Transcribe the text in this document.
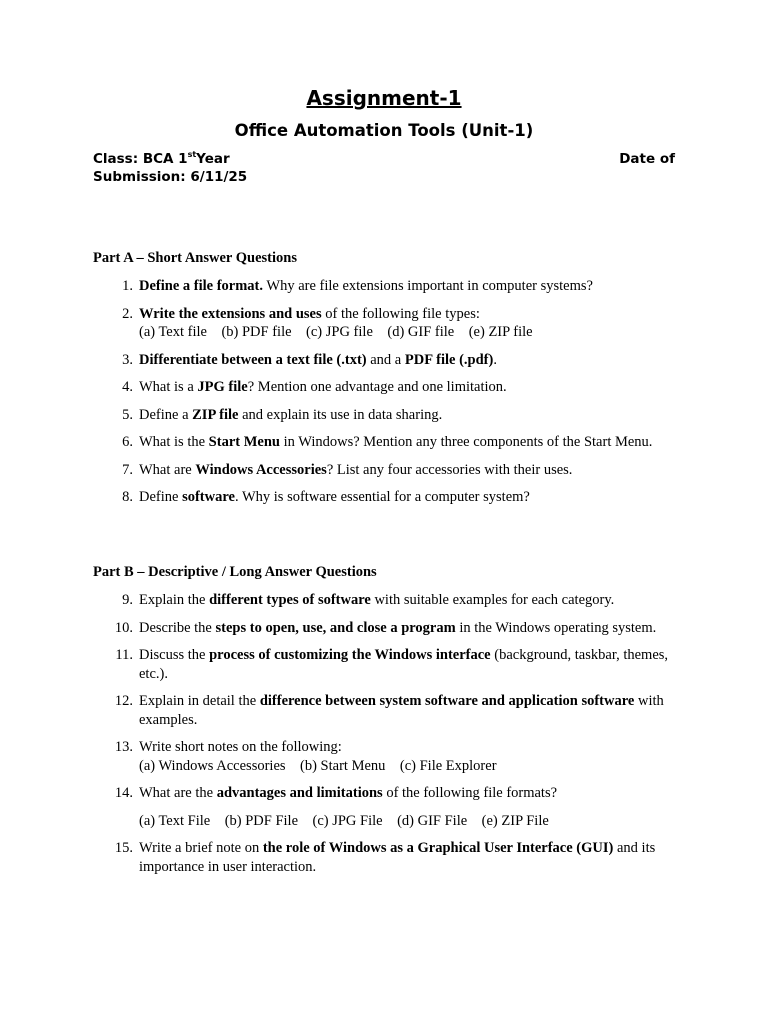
Assignment-1
Office Automation Tools (Unit-1)
Class: BCA 1stYear	Date of

Submission: 6/11/25
Part A – Short Answer Questions
1. Define a file format. Why are file extensions important in computer systems?
2. Write the extensions and uses of the following file types:
(a) Text file    (b) PDF file    (c) JPG file    (d) GIF file    (e) ZIP file
3. Differentiate between a text file (.txt) and a PDF file (.pdf).
4. What is a JPG file? Mention one advantage and one limitation.
5. Define a ZIP file and explain its use in data sharing.
6. What is the Start Menu in Windows? Mention any three components of the Start Menu.
7. What are Windows Accessories? List any four accessories with their uses.
8. Define software. Why is software essential for a computer system?
Part B – Descriptive / Long Answer Questions
9. Explain the different types of software with suitable examples for each category.
10. Describe the steps to open, use, and close a program in the Windows operating system.
11. Discuss the process of customizing the Windows interface (background, taskbar, themes, etc.).
12. Explain in detail the difference between system software and application software with examples.
13. Write short notes on the following:
(a) Windows Accessories    (b) Start Menu    (c) File Explorer
14. What are the advantages and limitations of the following file formats?
(a) Text File    (b) PDF File    (c) JPG File    (d) GIF File    (e) ZIP File
15. Write a brief note on the role of Windows as a Graphical User Interface (GUI) and its importance in user interaction.
